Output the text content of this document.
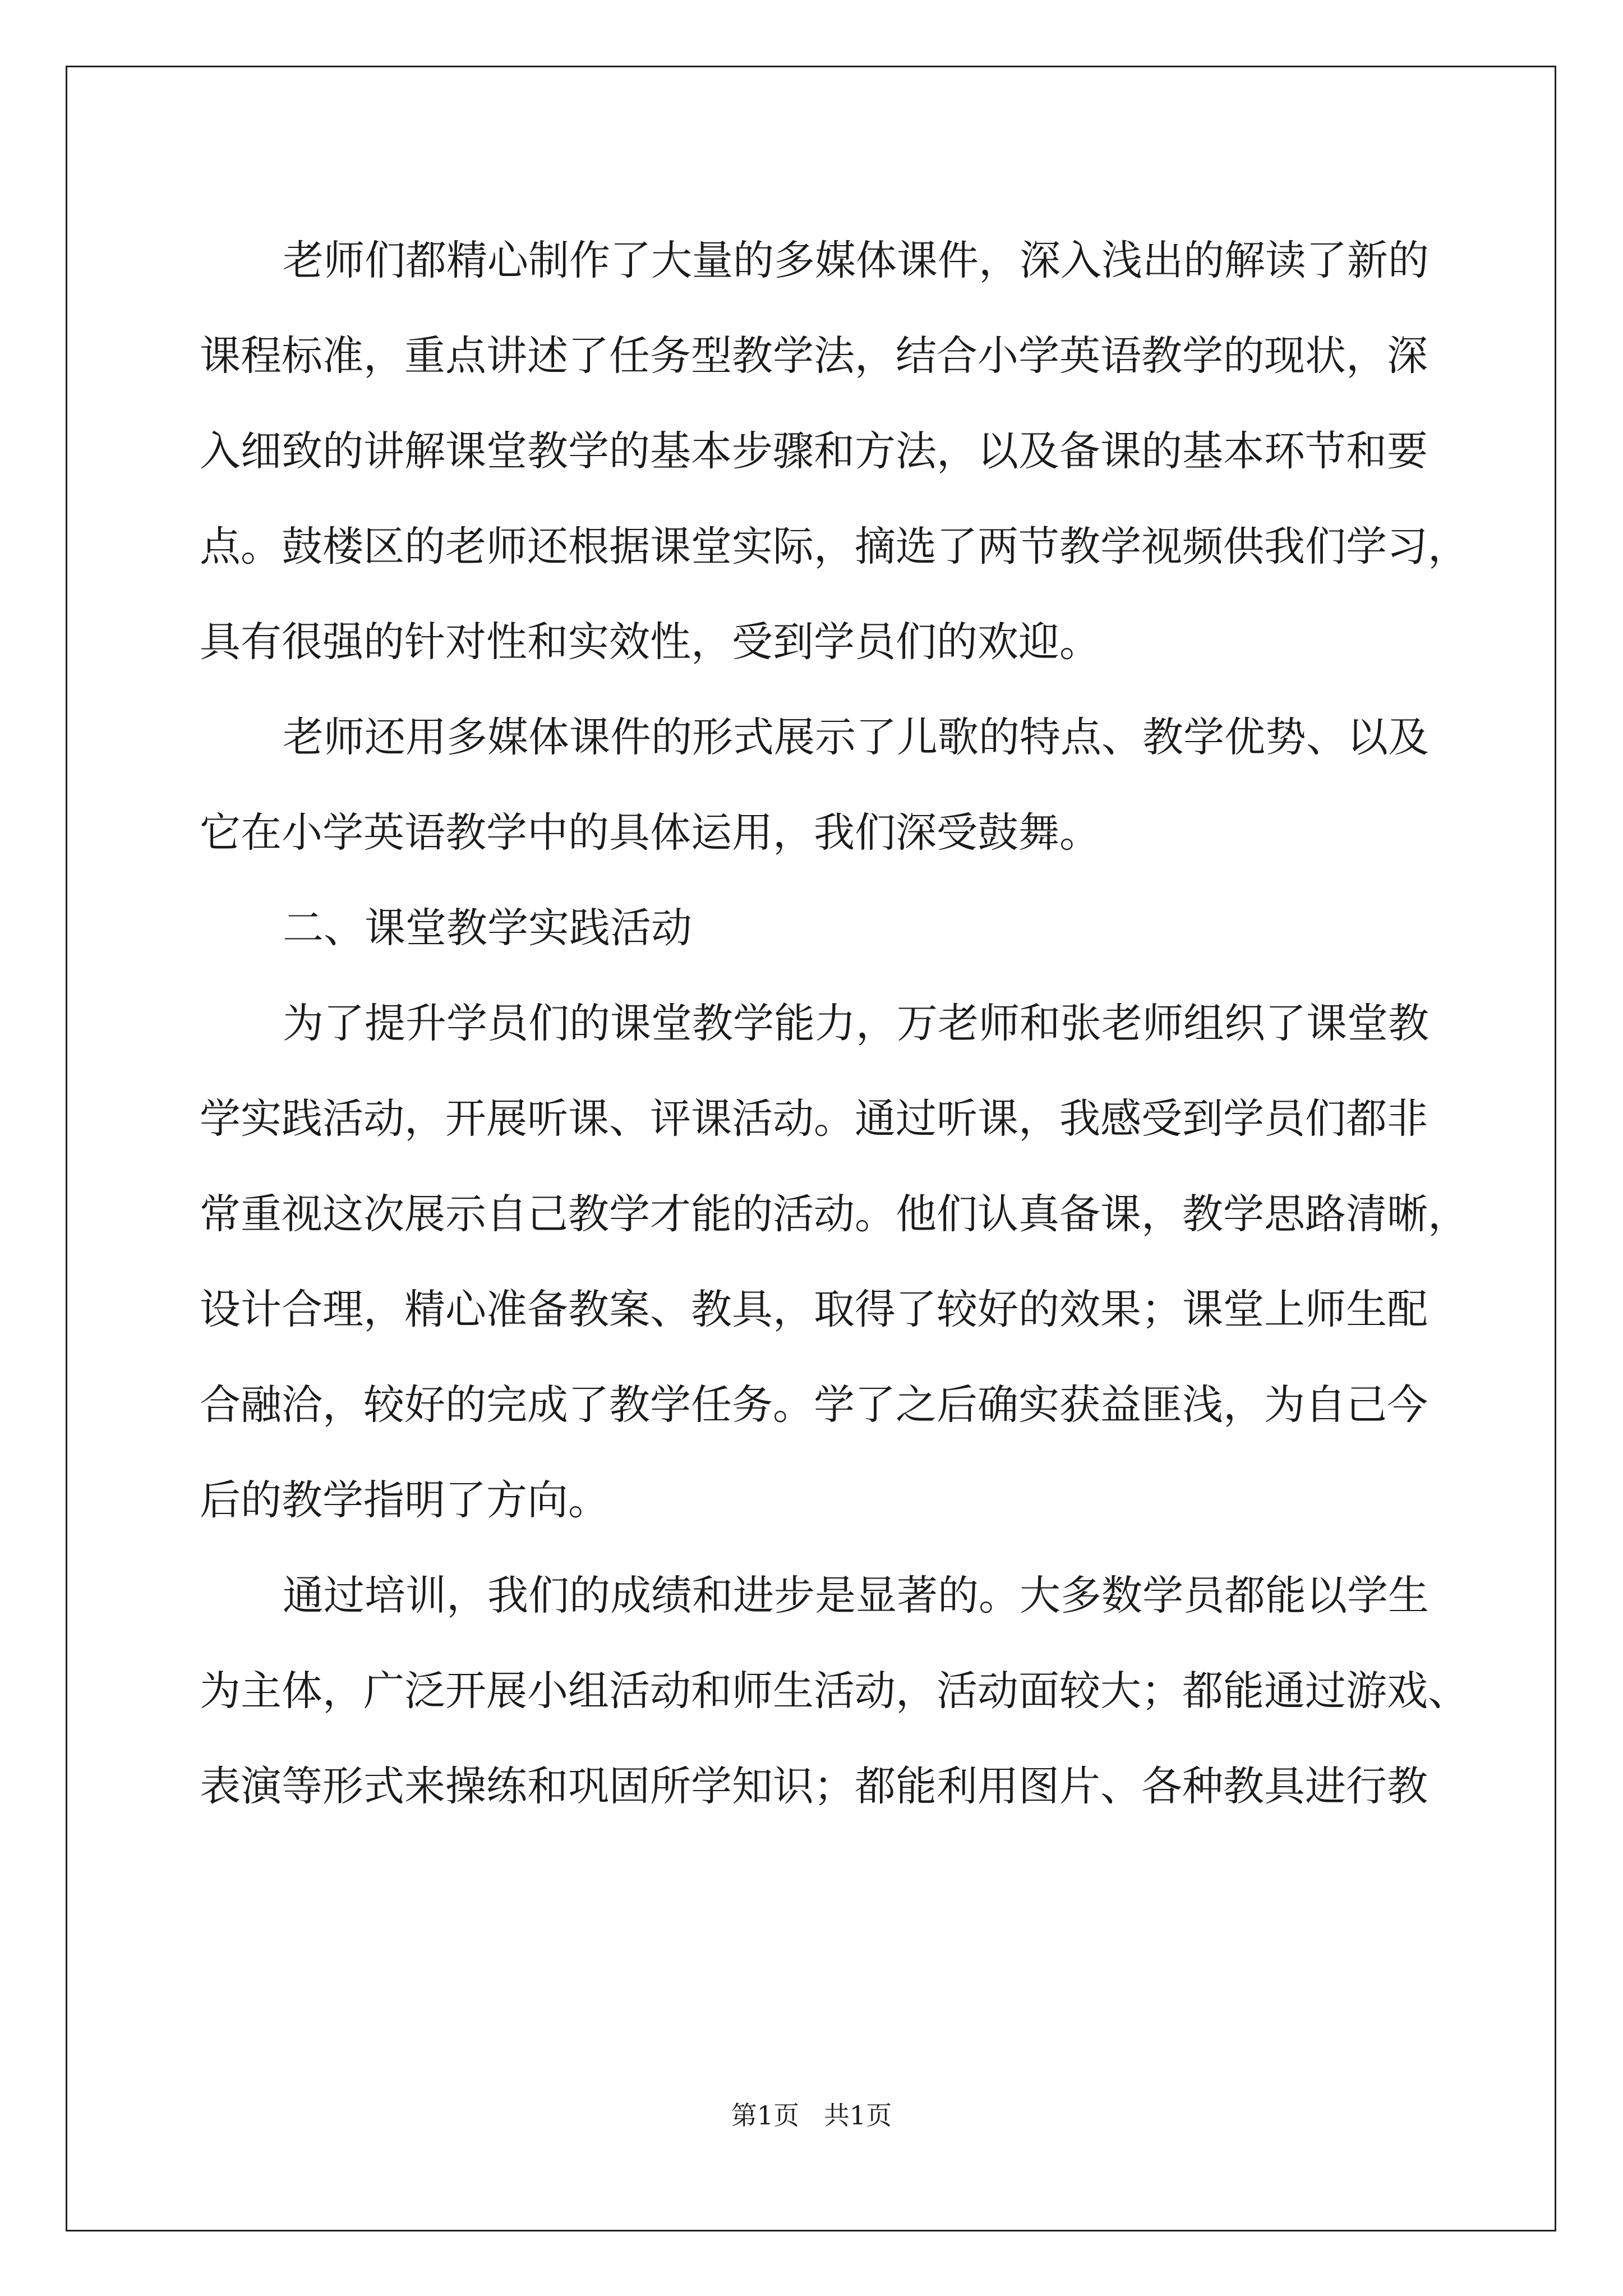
老师们都精心制作了大量的多媒体课件，深入浅出的解读了新的
课程标准，重点讲述了任务型教学法，结合小学英语教学的现状，深
入细致的讲解课堂教学的基本步骤和方法，以及备课的基本环节和要
点。鼓楼区的老师还根据课堂实际，摘选了两节教学视频供我们学习，
具有很强的针对性和实效性，受到学员们的欢迎。

老师还用多媒体课件的形式展示了儿歌的特点、教学优势、以及
它在小学英语教学中的具体运用，我们深受鼓舞。

二、课堂教学实践活动

为了提升学员们的课堂教学能力，万老师和张老师组织了课堂教
学实践活动，开展听课、评课活动。通过听课，我感受到学员们都非
常重视这次展示自己教学才能的活动。他们认真备课，教学思路清晰，
设计合理，精心准备教案、教具，取得了较好的效果；课堂上师生配
合融洽，较好的完成了教学任务。学了之后确实获益匪浅，为自己今
后的教学指明了方向。

通过培训，我们的成绩和进步是显著的。大多数学员都能以学生
为主体，广泛开展小组活动和师生活动，活动面较大；都能通过游戏、
表演等形式来操练和巩固所学知识；都能利用图片、各种教具进行教

第1页   共1页
